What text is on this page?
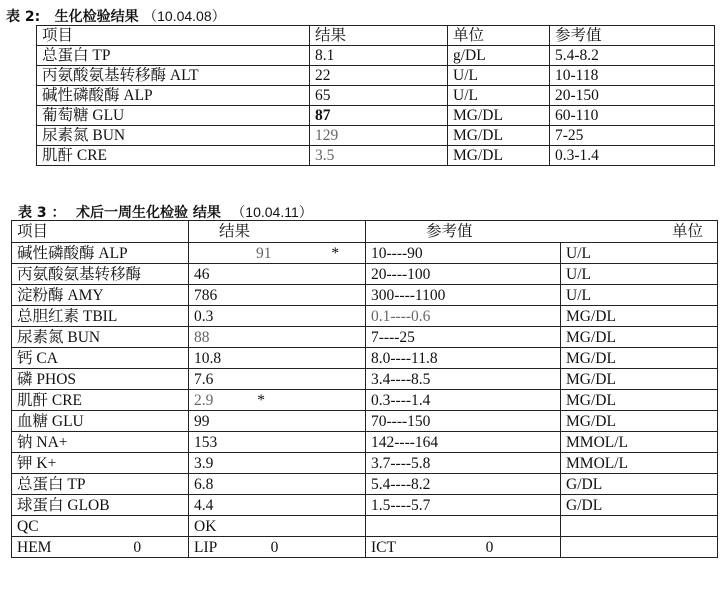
表 2: 生化检验结果 （10.04.08）
项目	结果	单位	参考值
总蛋白 TP	8.1	g/DL	5.4-8.2
丙氨酸氨基转移酶 ALT	22	U/L	10-118
碱性磷酸酶 ALP	65	U/L	20-150
葡萄糖 GLU	87	MG/DL	60-110
尿素氮 BUN	129	MG/DL	7-25
肌酐 CRE	3.5	MG/DL	0.3-1.4
表 3 ： 术后一周生化检验 结果 （10.04.11）
项目	结果	参考值	单位
碱性磷酸酶 ALP	91 *	10----90	U/L
丙氨酸氨基转移酶	46	20----100	U/L
淀粉酶 AMY	786	300----1100	U/L
总胆红素 TBIL	0.3	0.1----0.6	MG/DL
尿素氮 BUN	88	7----25	MG/DL
钙 CA	10.8	8.0----11.8	MG/DL
磷 PHOS	7.6	3.4----8.5	MG/DL
肌酐 CRE	2.9 *	0.3----1.4	MG/DL
血糖 GLU	99	70----150	MG/DL
钠 NA+	153	142----164	MMOL/L
钾 K+	3.9	3.7----5.8	MMOL/L
总蛋白 TP	6.8	5.4----8.2	G/DL
球蛋白 GLOB	4.4	1.5----5.7	G/DL
QC	OK		
HEM 0	LIP 0	ICT 0	
